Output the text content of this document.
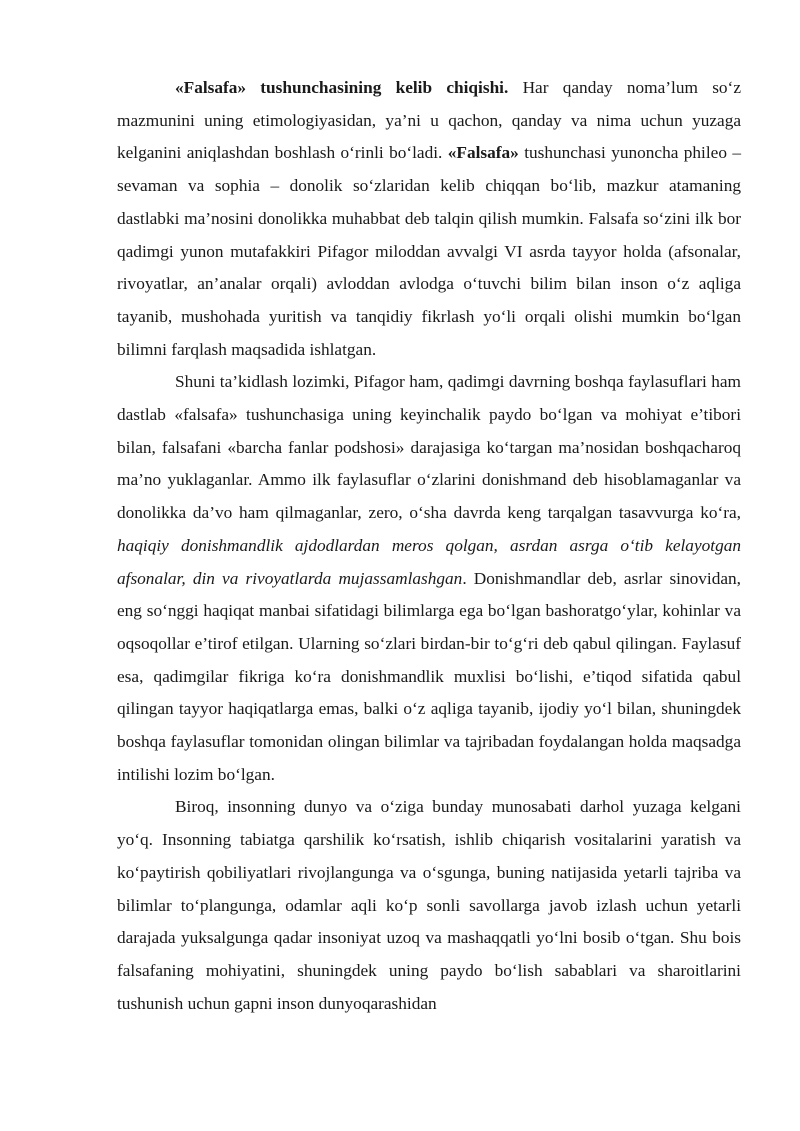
«Falsafa» tushunchasining kelib chiqishi. Har qanday noma’lum so‘z mazmunini uning etimologiyasidan, ya’ni u qachon, qanday va nima uchun yuzaga kelganini aniqlashdan boshlash o‘rinli bo‘ladi. «Falsafa» tushunchasi yunoncha phileo – sevaman va sophia – donolik so‘zlaridan kelib chiqqan bo‘lib, mazkur atamaning dastlabki ma’nosini donolikka muhabbat deb talqin qilish mumkin. Falsafa so‘zini ilk bor qadimgi yunon mutafakkiri Pifagor miloddan avvalgi VI asrda tayyor holda (afsonalar, rivoyatlar, an’analar orqali) avloddan avlodga o‘tuvchi bilim bilan inson o‘z aqliga tayanib, mushohada yuritish va tanqidiy fikrlash yo‘li orqali olishi mumkin bo‘lgan bilimni farqlash maqsadida ishlatgan.

Shuni ta’kidlash lozimki, Pifagor ham, qadimgi davrning boshqa faylasuflari ham dastlab «falsafa» tushunchasiga uning keyinchalik paydo bo‘lgan va mohiyat e’tibori bilan, falsafani «barcha fanlar podshosi» darajasiga ko‘targan ma’nosidan boshqacharoq ma’no yuklaganlar. Ammo ilk faylasuflar o‘zlarini donishmand deb hisoblamaganlar va donolikka da’vo ham qilmaganlar, zero, o‘sha davrda keng tarqalgan tasavvurga ko‘ra, haqiqiy donishmandlik ajdodlardan meros qolgan, asrdan asrga o‘tib kelayotgan afsonalar, din va rivoyatlarda mujassamlashgan. Donishmandlar deb, asrlar sinovidan, eng so‘nggi haqiqat manbai sifatidagi bilimlarga ega bo‘lgan bashoratgo‘ylar, kohinlar va oqsoqollar e’tirof etilgan. Ularning so‘zlari birdan-bir to‘g‘ri deb qabul qilingan. Faylasuf esa, qadimgilar fikriga ko‘ra donishmandlik muxlisi bo‘lishi, e’tiqod sifatida qabul qilingan tayyor haqiqatlarga emas, balki o‘z aqliga tayanib, ijodiy yo‘l bilan, shuningdek boshqa faylasuflar tomonidan olingan bilimlar va tajribadan foydalangan holda maqsadga intilishi lozim bo‘lgan.

Biroq, insonning dunyo va o‘ziga bunday munosabati darhol yuzaga kelgani yo‘q. Insonning tabiatga qarshilik ko‘rsatish, ishlib chiqarish vositalarini yaratish va ko‘paytirish qobiliyatlari rivojlangunga va o‘sgunga, buning natijasida yetarli tajriba va bilimlar to‘plangunga, odamlar aqli ko‘p sonli savollarga javob izlash uchun yetarli darajada yuksalgunga qadar insoniyat uzoq va mashaqqatli yo‘lni bosib o‘tgan. Shu bois falsafaning mohiyatini, shuningdek uning paydo bo‘lish sabablari va sharoitlarini tushunish uchun gapni inson dunyoqarashidan
